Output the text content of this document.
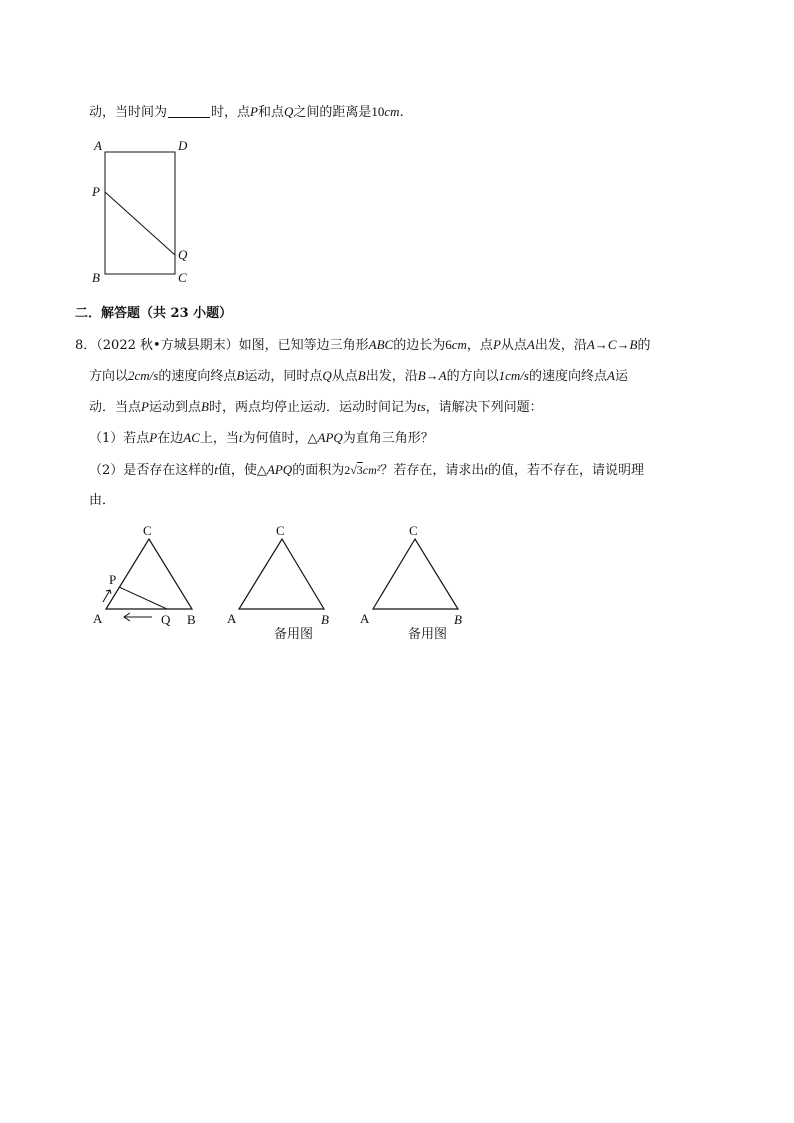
动，当时间为	时，点P和点Q之间的距离是10cm.
A	D
P
Q
B	C
二．解答题（共 23 小题）
8．（2022 秋•方城县期末）如图，已知等边三角形ABC的边长为6cm，点P从点A出发，沿A→C→B的
方向以2cm/s的速度向终点B运动，同时点Q从点B出发，沿B→A的方向以1cm/s的速度向终点A运
动．当点P运动到点B时，两点均停止运动．运动时间记为ts，请解决下列问题：
（1）若点P在边AC上，当t为何值时，△APQ为直角三角形？
（2）是否存在这样的t值，使△APQ的面积为2√3cm²？若存在，请求出t的值，若不存在，请说明理
由．
C
P
A	Q B
C
A	B
备用图
C
A	B
备用图
